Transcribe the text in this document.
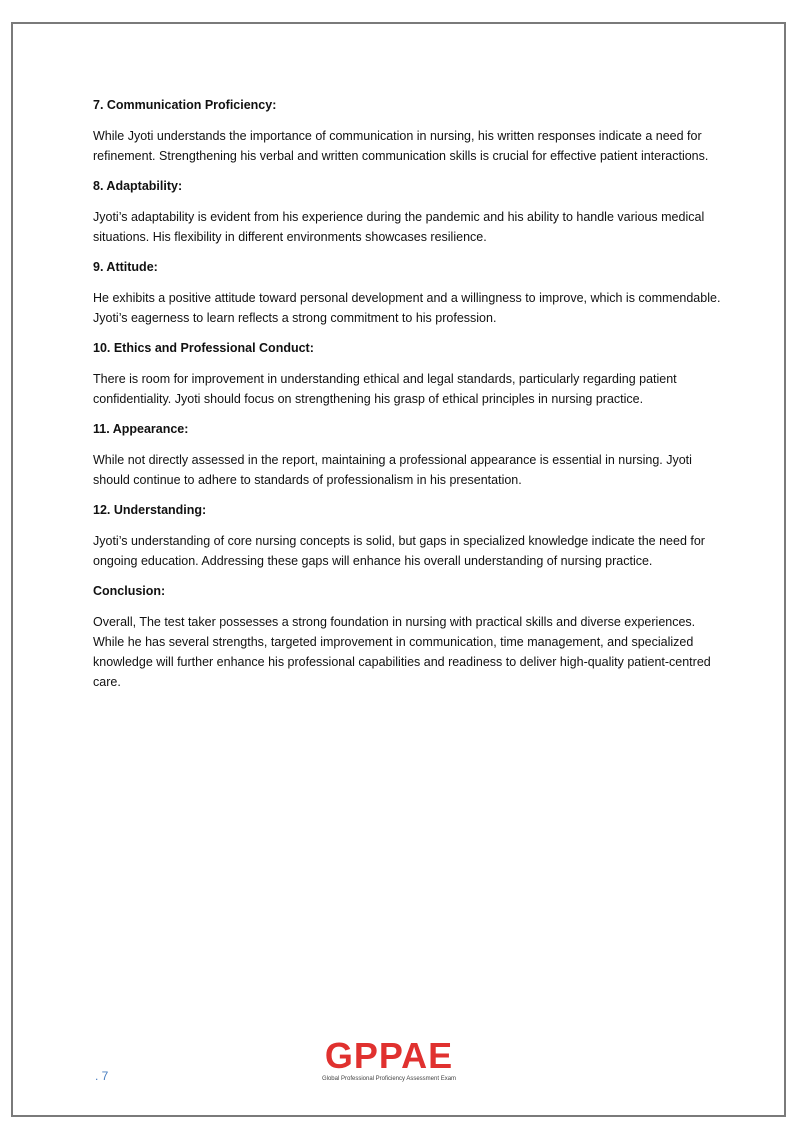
7. Communication Proficiency:
While Jyoti understands the importance of communication in nursing, his written responses indicate a need for refinement. Strengthening his verbal and written communication skills is crucial for effective patient interactions.
8. Adaptability:
Jyoti’s adaptability is evident from his experience during the pandemic and his ability to handle various medical situations. His flexibility in different environments showcases resilience.
9. Attitude:
He exhibits a positive attitude toward personal development and a willingness to improve, which is commendable. Jyoti’s eagerness to learn reflects a strong commitment to his profession.
10. Ethics and Professional Conduct:
There is room for improvement in understanding ethical and legal standards, particularly regarding patient confidentiality. Jyoti should focus on strengthening his grasp of ethical principles in nursing practice.
11. Appearance:
While not directly assessed in the report, maintaining a professional appearance is essential in nursing. Jyoti should continue to adhere to standards of professionalism in his presentation.
12. Understanding:
Jyoti’s understanding of core nursing concepts is solid, but gaps in specialized knowledge indicate the need for ongoing education. Addressing these gaps will enhance his overall understanding of nursing practice.
Conclusion:
Overall, The test taker possesses a strong foundation in nursing with practical skills and diverse experiences. While he has several strengths, targeted improvement in communication, time management, and specialized knowledge will further enhance his professional capabilities and readiness to deliver high-quality patient-centred care.
. 7	GPPAE
Global Professional Proficiency Assessment Exam
